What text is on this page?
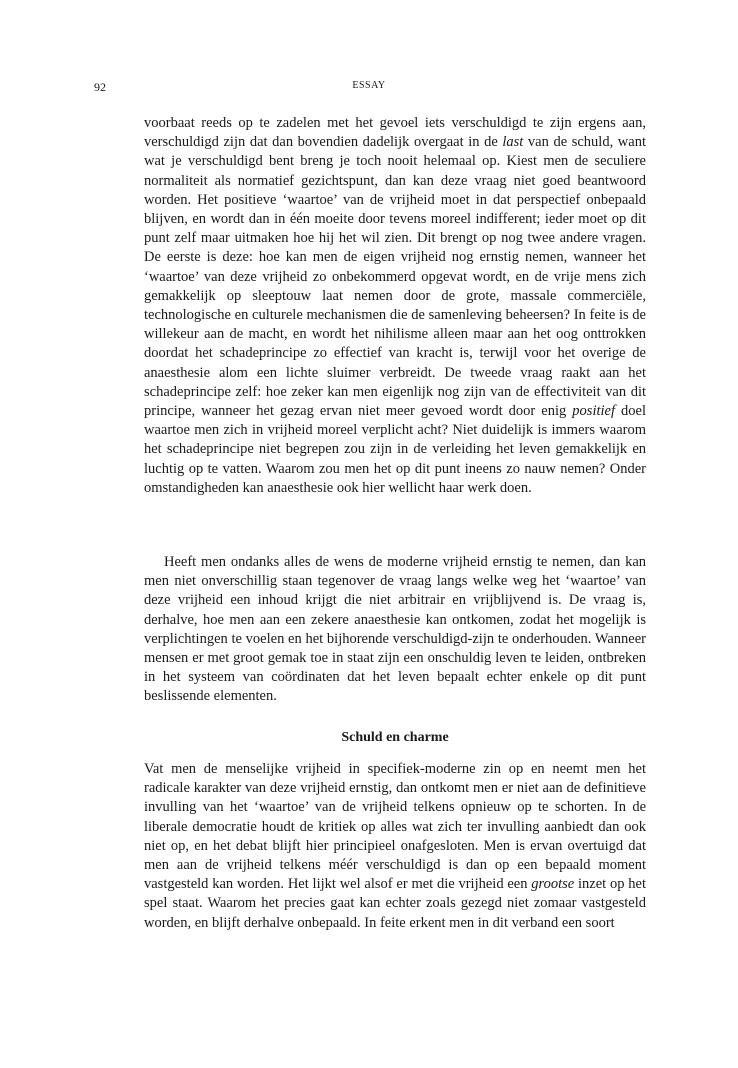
92	ESSAY

voorbaat reeds op te zadelen met het gevoel iets verschuldigd te zijn ergens aan, verschuldigd zijn dat dan bovendien dadelijk overgaat in de last van de schuld, want wat je verschuldigd bent breng je toch nooit helemaal op. Kiest men de seculiere normaliteit als normatief gezichtspunt, dan kan deze vraag niet goed beantwoord worden. Het positieve ‘waartoe’ van de vrijheid moet in dat perspectief onbepaald blijven, en wordt dan in één moeite door tevens moreel indifferent; ieder moet op dit punt zelf maar uitmaken hoe hij het wil zien. Dit brengt op nog twee andere vragen. De eerste is deze: hoe kan men de eigen vrijheid nog ernstig nemen, wanneer het ‘waartoe’ van deze vrijheid zo onbekommerd opgevat wordt, en de vrije mens zich gemakkelijk op sleeptouw laat nemen door de grote, massale commerciële, technologische en culturele mechanismen die de samenleving beheersen? In feite is de willekeur aan de macht, en wordt het nihilisme alleen maar aan het oog onttrokken doordat het schadeprincipe zo effectief van kracht is, terwijl voor het overige de anaesthesie alom een lichte sluimer verbreidt. De tweede vraag raakt aan het schadeprincipe zelf: hoe zeker kan men eigenlijk nog zijn van de effectiviteit van dit principe, wanneer het gezag ervan niet meer gevoed wordt door enig positief doel waartoe men zich in vrijheid moreel verplicht acht? Niet duidelijk is immers waarom het schadeprincipe niet begrepen zou zijn in de verleiding het leven gemakkelijk en luchtig op te vatten. Waarom zou men het op dit punt ineens zo nauw nemen? Onder omstandigheden kan anaesthesie ook hier wellicht haar werk doen.

Heeft men ondanks alles de wens de moderne vrijheid ernstig te nemen, dan kan men niet onverschillig staan tegenover de vraag langs welke weg het ‘waartoe’ van deze vrijheid een inhoud krijgt die niet arbitrair en vrijblijvend is. De vraag is, derhalve, hoe men aan een zekere anaesthesie kan ontkomen, zodat het mogelijk is verplichtingen te voelen en het bijhorende verschuldigd-zijn te onderhouden. Wanneer mensen er met groot gemak toe in staat zijn een onschuldig leven te leiden, ontbreken in het systeem van coördinaten dat het leven bepaalt echter enkele op dit punt beslissende elementen.

Schuld en charme

Vat men de menselijke vrijheid in specifiek-moderne zin op en neemt men het radicale karakter van deze vrijheid ernstig, dan ontkomt men er niet aan de definitieve invulling van het ‘waartoe’ van de vrijheid telkens opnieuw op te schorten. In de liberale democratie houdt de kritiek op alles wat zich ter invulling aanbiedt dan ook niet op, en het debat blijft hier principieel onafgesloten. Men is ervan overtuigd dat men aan de vrijheid telkens méér verschuldigd is dan op een bepaald moment vastgesteld kan worden. Het lijkt wel alsof er met die vrijheid een grootse inzet op het spel staat. Waarom het precies gaat kan echter zoals gezegd niet zomaar vastgesteld worden, en blijft derhalve onbepaald. In feite erkent men in dit verband een soort
